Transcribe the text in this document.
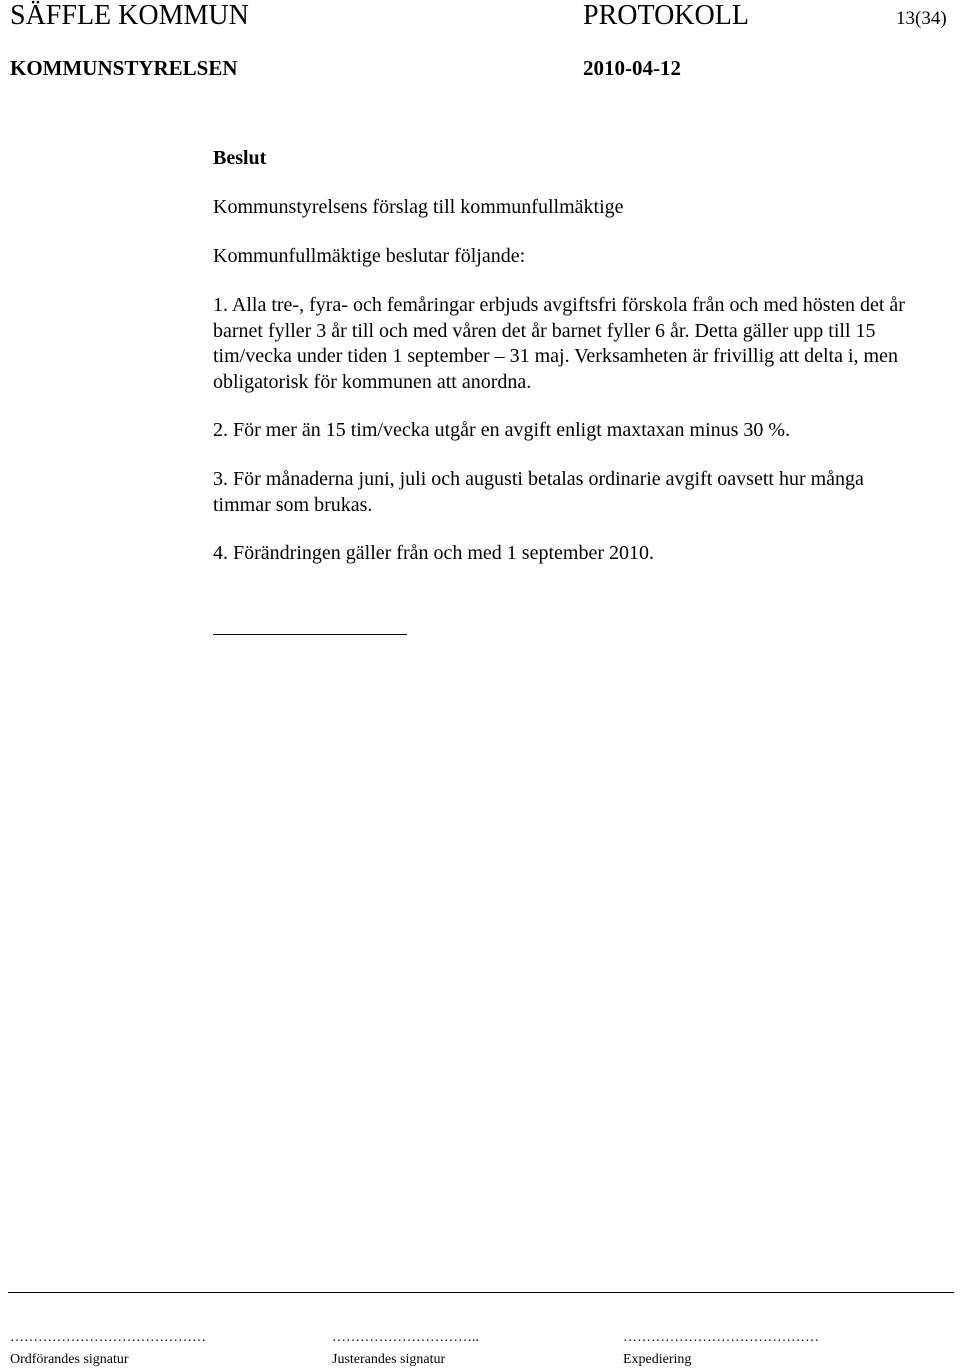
SÄFFLE KOMMUN	PROTOKOLL	13(34)
KOMMUNSTYRELSEN	2010-04-12
Beslut
Kommunstyrelsens förslag till kommunfullmäktige
Kommunfullmäktige beslutar följande:
1. Alla tre-, fyra- och femåringar erbjuds avgiftsfri förskola från och med hösten det år
barnet fyller 3 år till och med våren det år barnet fyller 6 år. Detta gäller upp till 15
tim/vecka under tiden 1 september – 31 maj. Verksamheten är frivillig att delta i, men
obligatorisk för kommunen att anordna.
2. För mer än 15 tim/vecka utgår en avgift enligt maxtaxan minus 30 %.
3. För månaderna juni, juli och augusti betalas ordinarie avgift oavsett hur många
timmar som brukas.
4. Förändringen gäller från och med 1 september 2010.
……………………………………
Ordförandes signatur
…………………………..
Justerandes signatur
……………………………………
Expediering
